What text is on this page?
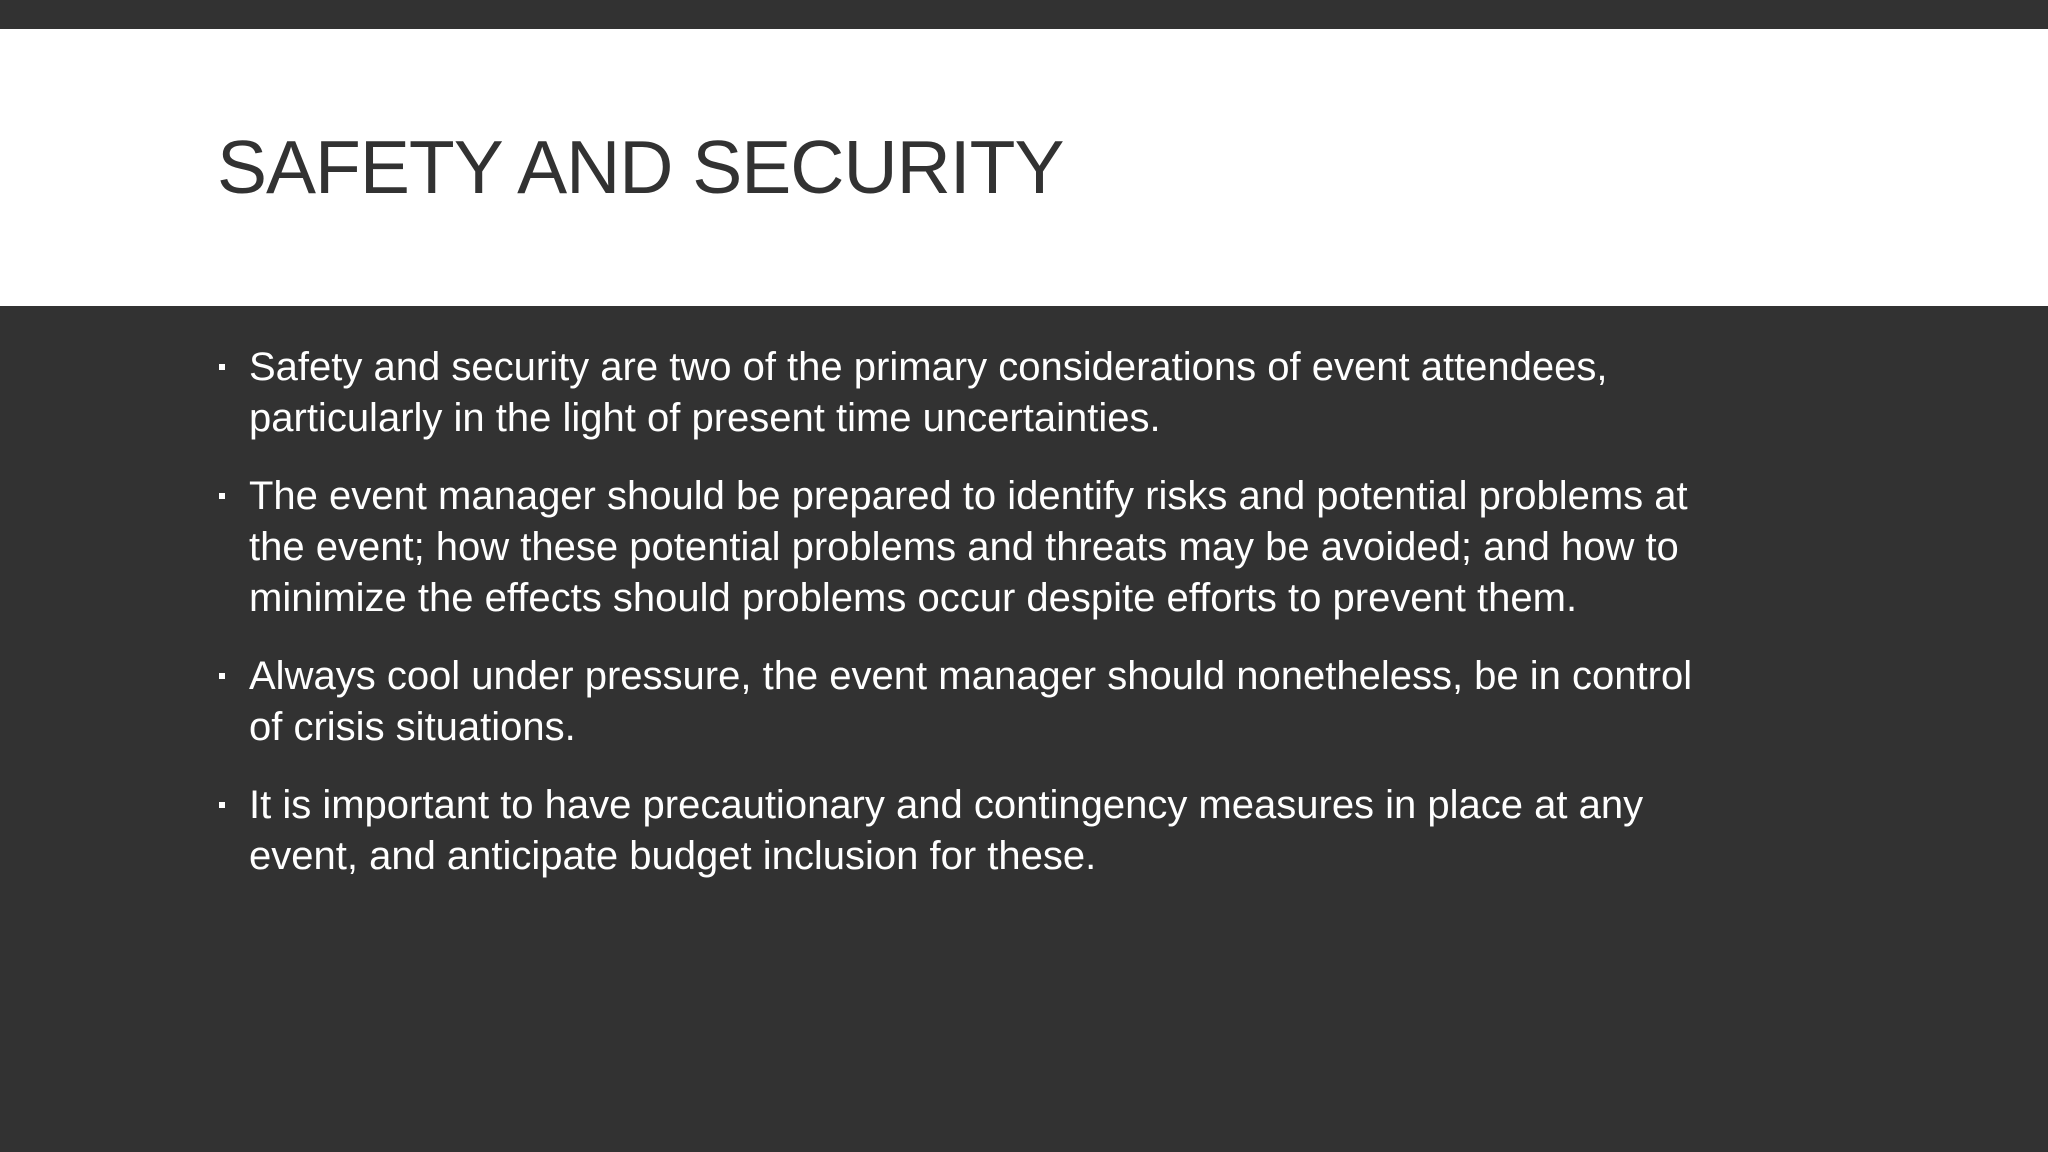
SAFETY AND SECURITY
Safety and security are two of the primary considerations of event attendees,
particularly in the light of present time uncertainties.
The event manager should be prepared to identify risks and potential problems at
the event; how these potential problems and threats may be avoided; and how to
minimize the effects should problems occur despite efforts to prevent them.
Always cool under pressure, the event manager should nonetheless, be in control
of crisis situations.
It is important to have precautionary and contingency measures in place at any
event, and anticipate budget inclusion for these.
